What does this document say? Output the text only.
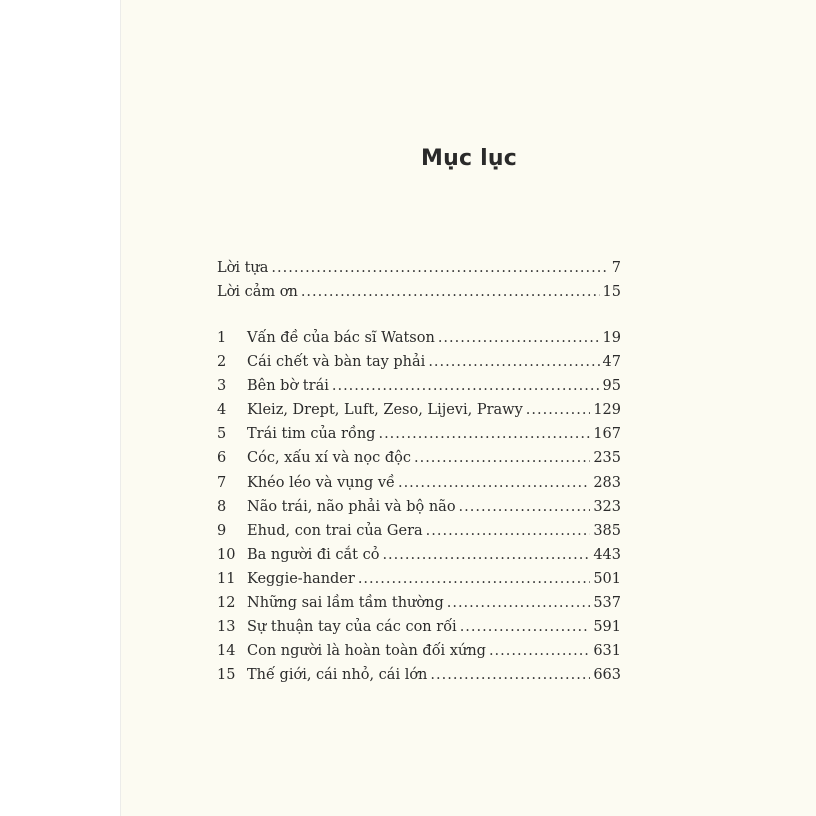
Mục lục
Lời tựa .....	7
Lời cảm ơn .....	15
1	Vấn đề của bác sĩ Watson .....	19
2	Cái chết và bàn tay phải .....	47
3	Bên bờ trái .....	95
4	Kleiz, Drept, Luft, Zeso, Lijevi, Prawy .....	129
5	Trái tim của rồng .....	167
6	Cóc, xấu xí và nọc độc .....	235
7	Khéo léo và vụng về .....	283
8	Não trái, não phải và bộ não .....	323
9	Ehud, con trai của Gera .....	385
10 Ba người đi cắt cỏ .....	443
11 Keggie-hander .....	501
12 Những sai lầm tầm thường .....	537
13 Sự thuận tay của các con rối .....	591
14 Con người là hoàn toàn đối xứng .....	631
15 Thế giới, cái nhỏ, cái lớn .....	663
